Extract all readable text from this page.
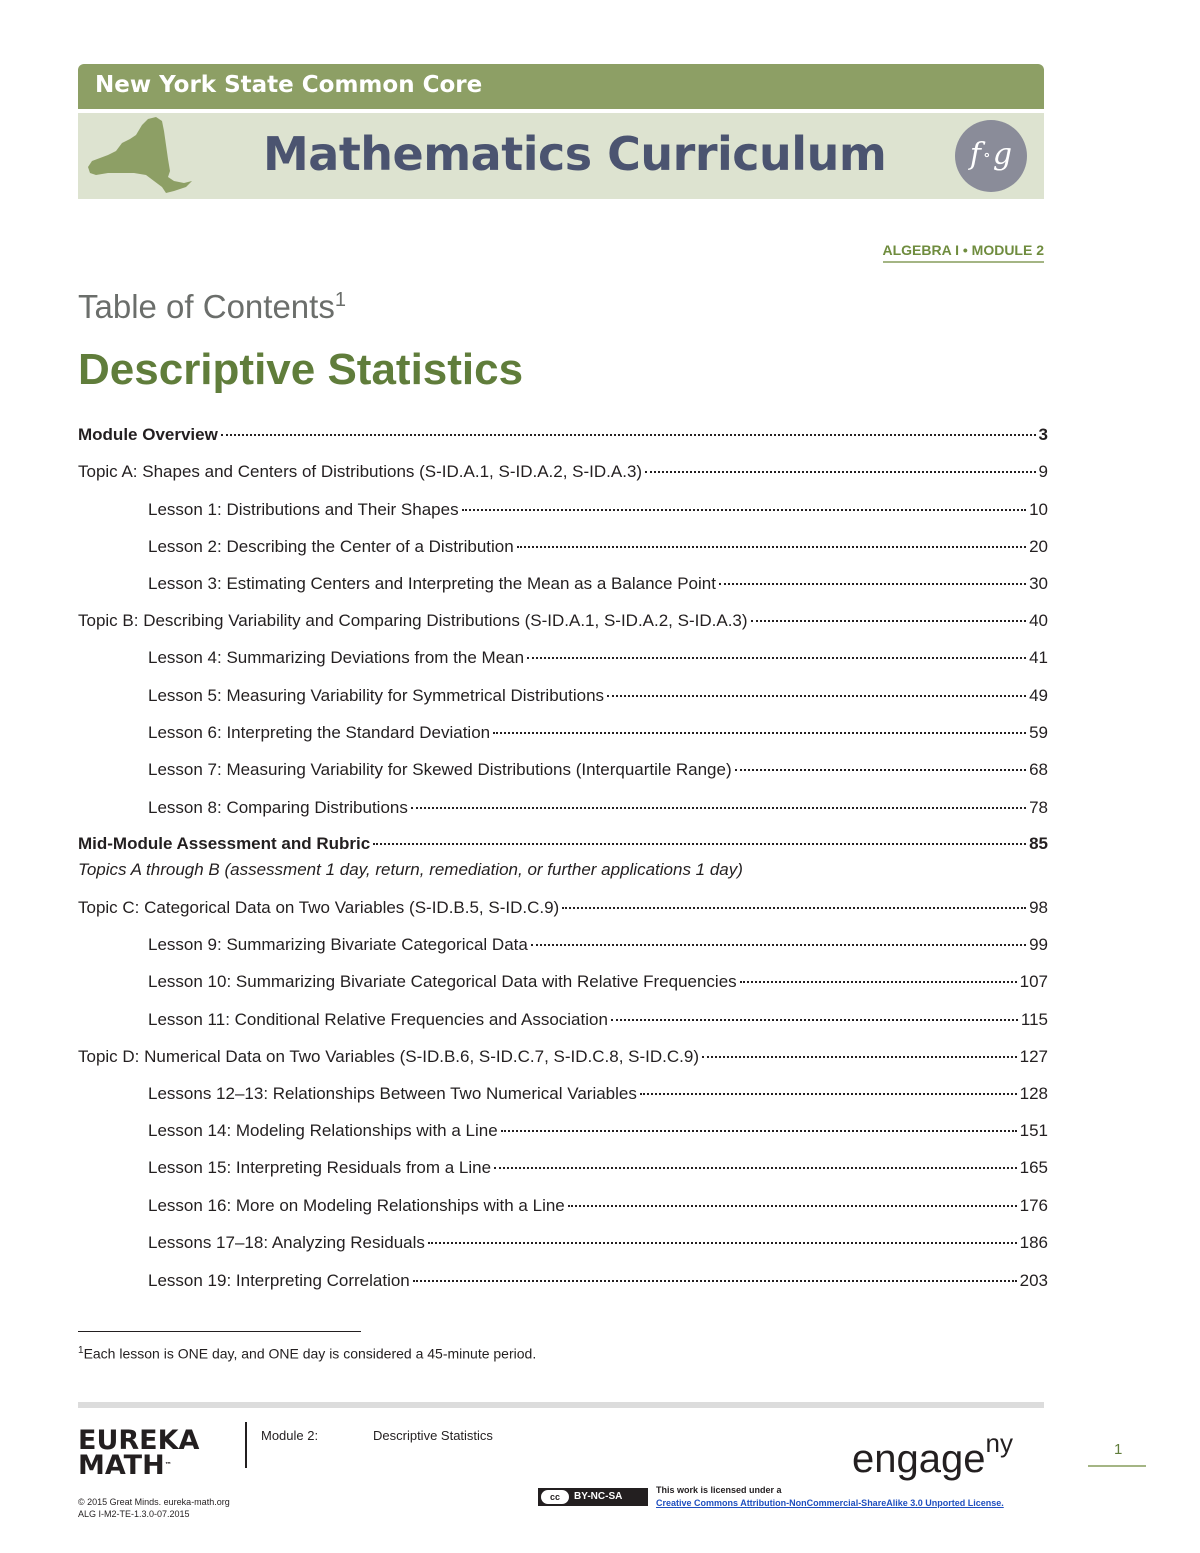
New York State Common Core
Mathematics Curriculum	f ∘g
ALGEBRA I • MODULE 2
Table of Contents$^1$
Descriptive Statistics
Module Overview	3
Topic A: Shapes and Centers of Distributions (S-ID.A.1, S-ID.A.2, S-ID.A.3)	9
Lesson 1: Distributions and Their Shapes	10
Lesson 2: Describing the Center of a Distribution	20
Lesson 3: Estimating Centers and Interpreting the Mean as a Balance Point	30
Topic B: Describing Variability and Comparing Distributions (S-ID.A.1, S-ID.A.2, S-ID.A.3)	40
Lesson 4: Summarizing Deviations from the Mean	41
Lesson 5: Measuring Variability for Symmetrical Distributions	49
Lesson 6: Interpreting the Standard Deviation	59
Lesson 7: Measuring Variability for Skewed Distributions (Interquartile Range)	68
Lesson 8: Comparing Distributions	78
Mid-Module Assessment and Rubric	85
Topics A through B (assessment 1 day, return, remediation, or further applications 1 day)
Topic C: Categorical Data on Two Variables (S-ID.B.5, S-ID.C.9)	98
Lesson 9: Summarizing Bivariate Categorical Data	99
Lesson 10: Summarizing Bivariate Categorical Data with Relative Frequencies	107
Lesson 11: Conditional Relative Frequencies and Association	115
Topic D: Numerical Data on Two Variables (S-ID.B.6, S-ID.C.7, S-ID.C.8, S-ID.C.9)	127
Lessons 12–13: Relationships Between Two Numerical Variables	128
Lesson 14: Modeling Relationships with a Line	151
Lesson 15: Interpreting Residuals from a Line	165
Lesson 16: More on Modeling Relationships with a Line	176
Lessons 17–18: Analyzing Residuals	186
Lesson 19: Interpreting Correlation	203
$^1$Each lesson is ONE day, and ONE day is considered a 45-minute period.
EUREKA
MATH™
Module 2:	Descriptive Statistics
engage$^{ny}$	1
© 2015 Great Minds. eureka-math.org
ALG I-M2-TE-1.3.0-07.2015
cc	BY-NC-SA
This work is licensed under a
Creative Commons Attribution-NonCommercial-ShareAlike 3.0 Unported License.
